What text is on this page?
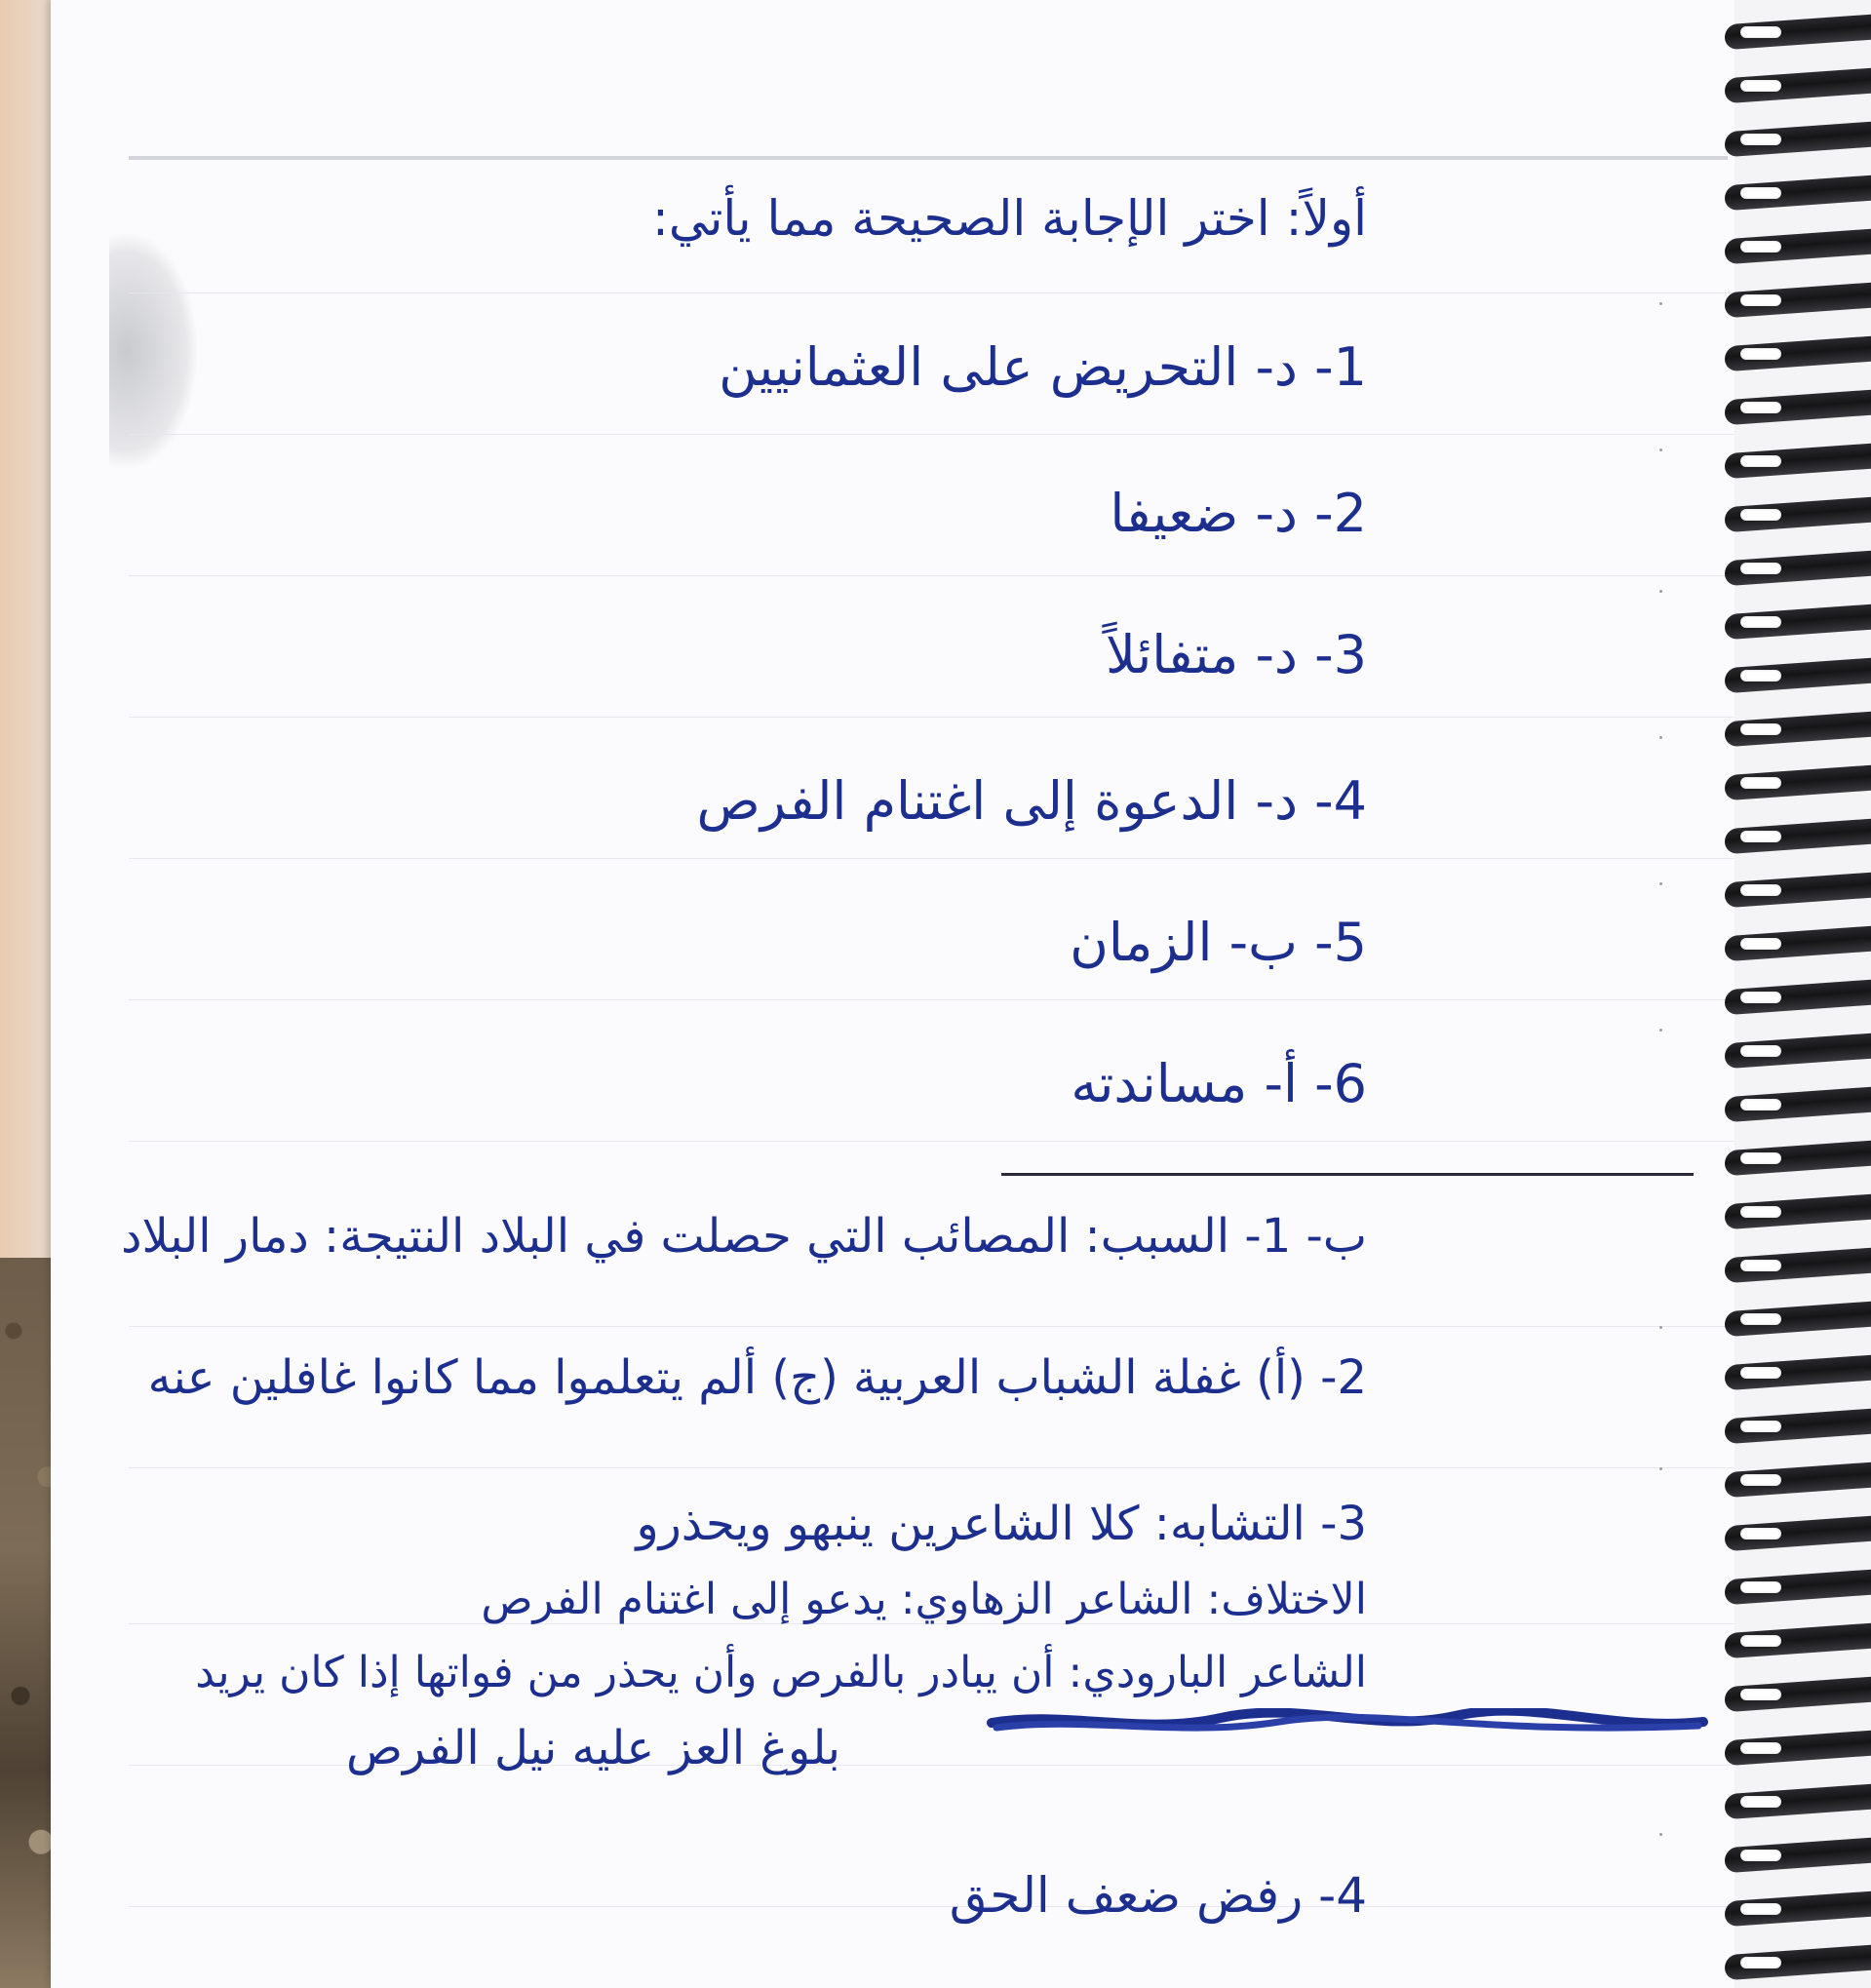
أولاً: اختر الإجابة الصحيحة مما يأتي:
1- د- التحريض على العثمانيين
2- د- ضعيفا
3- د- متفائلاً
4- د- الدعوة إلى اغتنام الفرص
5- ب- الزمان
6- أ- مساندته
ب- 1- السبب: المصائب التي حصلت في البلاد النتيجة: دمار البلاد
2- (أ) غفلة الشباب العربية (ج) ألم يتعلموا مما كانوا غافلين عنه
3- التشابه: كلا الشاعرين ينبهو ويحذرو
الاختلاف: الشاعر الزهاوي: يدعو إلى اغتنام الفرص
الشاعر البارودي: أن يبادر بالفرص وأن يحذر من فواتها إذا كان يريد
بلوغ العز عليه نيل الفرص
4- رفض ضعف الحق
